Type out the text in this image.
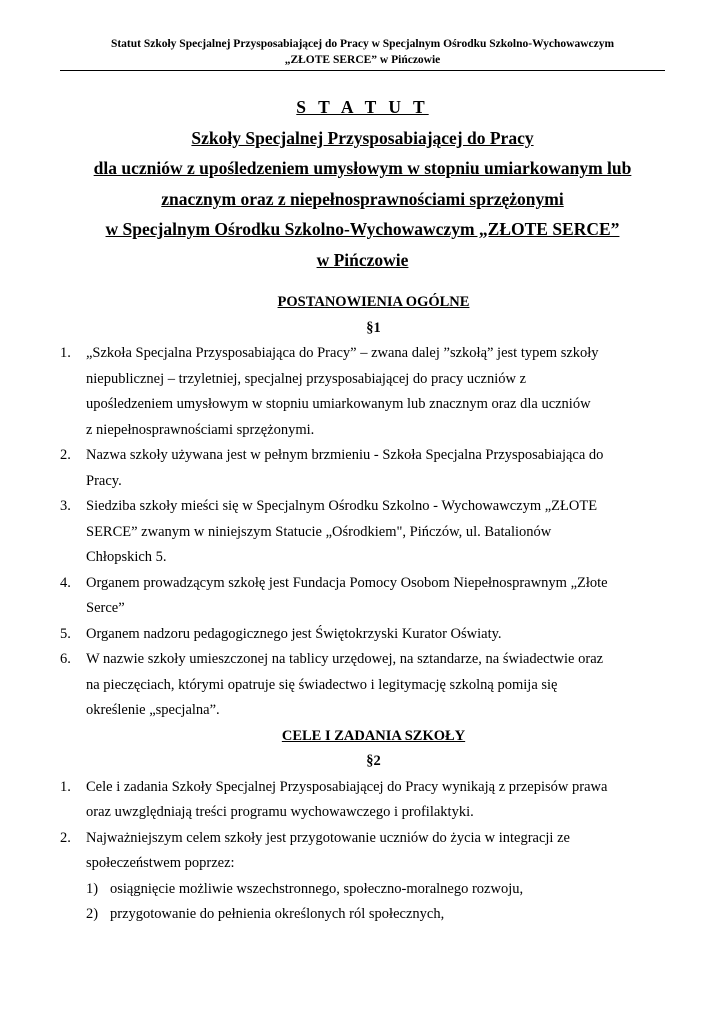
Statut Szkoły Specjalnej Przysposabiającej do Pracy w Specjalnym Ośrodku Szkolno-Wychowawczym
„ZŁOTE SERCE” w Pińczowie
S T A T U T
Szkoły Specjalnej Przysposabiającej do Pracy
dla uczniów z upośledzeniem umysłowym w stopniu umiarkowanym lub
znacznym oraz z niepełnosprawnościami sprzężonymi
w Specjalnym Ośrodku Szkolno-Wychowawczym „ZŁOTE SERCE”
w Pińczowie
POSTANOWIENIA OGÓLNE
§1
1.	„Szkoła Specjalna Przysposabiająca do Pracy” – zwana dalej ”szkołą” jest typem szkoły
niepublicznej – trzyletniej, specjalnej przysposabiającej do pracy uczniów z
upośledzeniem umysłowym w stopniu umiarkowanym lub znacznym oraz dla uczniów
z niepełnosprawnościami sprzężonymi.
2.	Nazwa szkoły używana jest w pełnym brzmieniu - Szkoła Specjalna Przysposabiająca do
Pracy.
3.	Siedziba szkoły mieści się w Specjalnym Ośrodku Szkolno - Wychowawczym „ZŁOTE
SERCE” zwanym w niniejszym Statucie „Ośrodkiem", Pińczów, ul. Batalionów
Chłopskich 5.
4.	Organem prowadzącym szkołę jest Fundacja Pomocy Osobom Niepełnosprawnym „Złote
Serce”
5.	Organem nadzoru pedagogicznego jest Świętokrzyski Kurator Oświaty.
6.	W nazwie szkoły umieszczonej na tablicy urzędowej, na sztandarze, na świadectwie oraz
na pieczęciach, którymi opatruje się świadectwo i legitymację szkolną pomija się
określenie „specjalna”.
CELE I ZADANIA SZKOŁY
§2
1.	Cele i zadania Szkoły Specjalnej Przysposabiającej do Pracy wynikają z przepisów prawa
oraz uwzględniają treści programu wychowawczego i profilaktyki.
2.	Najważniejszym celem szkoły jest przygotowanie uczniów do życia w integracji ze
społeczeństwem poprzez:
1) osiągnięcie możliwie wszechstronnego, społeczno-moralnego rozwoju,
2) przygotowanie do pełnienia określonych ról społecznych,
